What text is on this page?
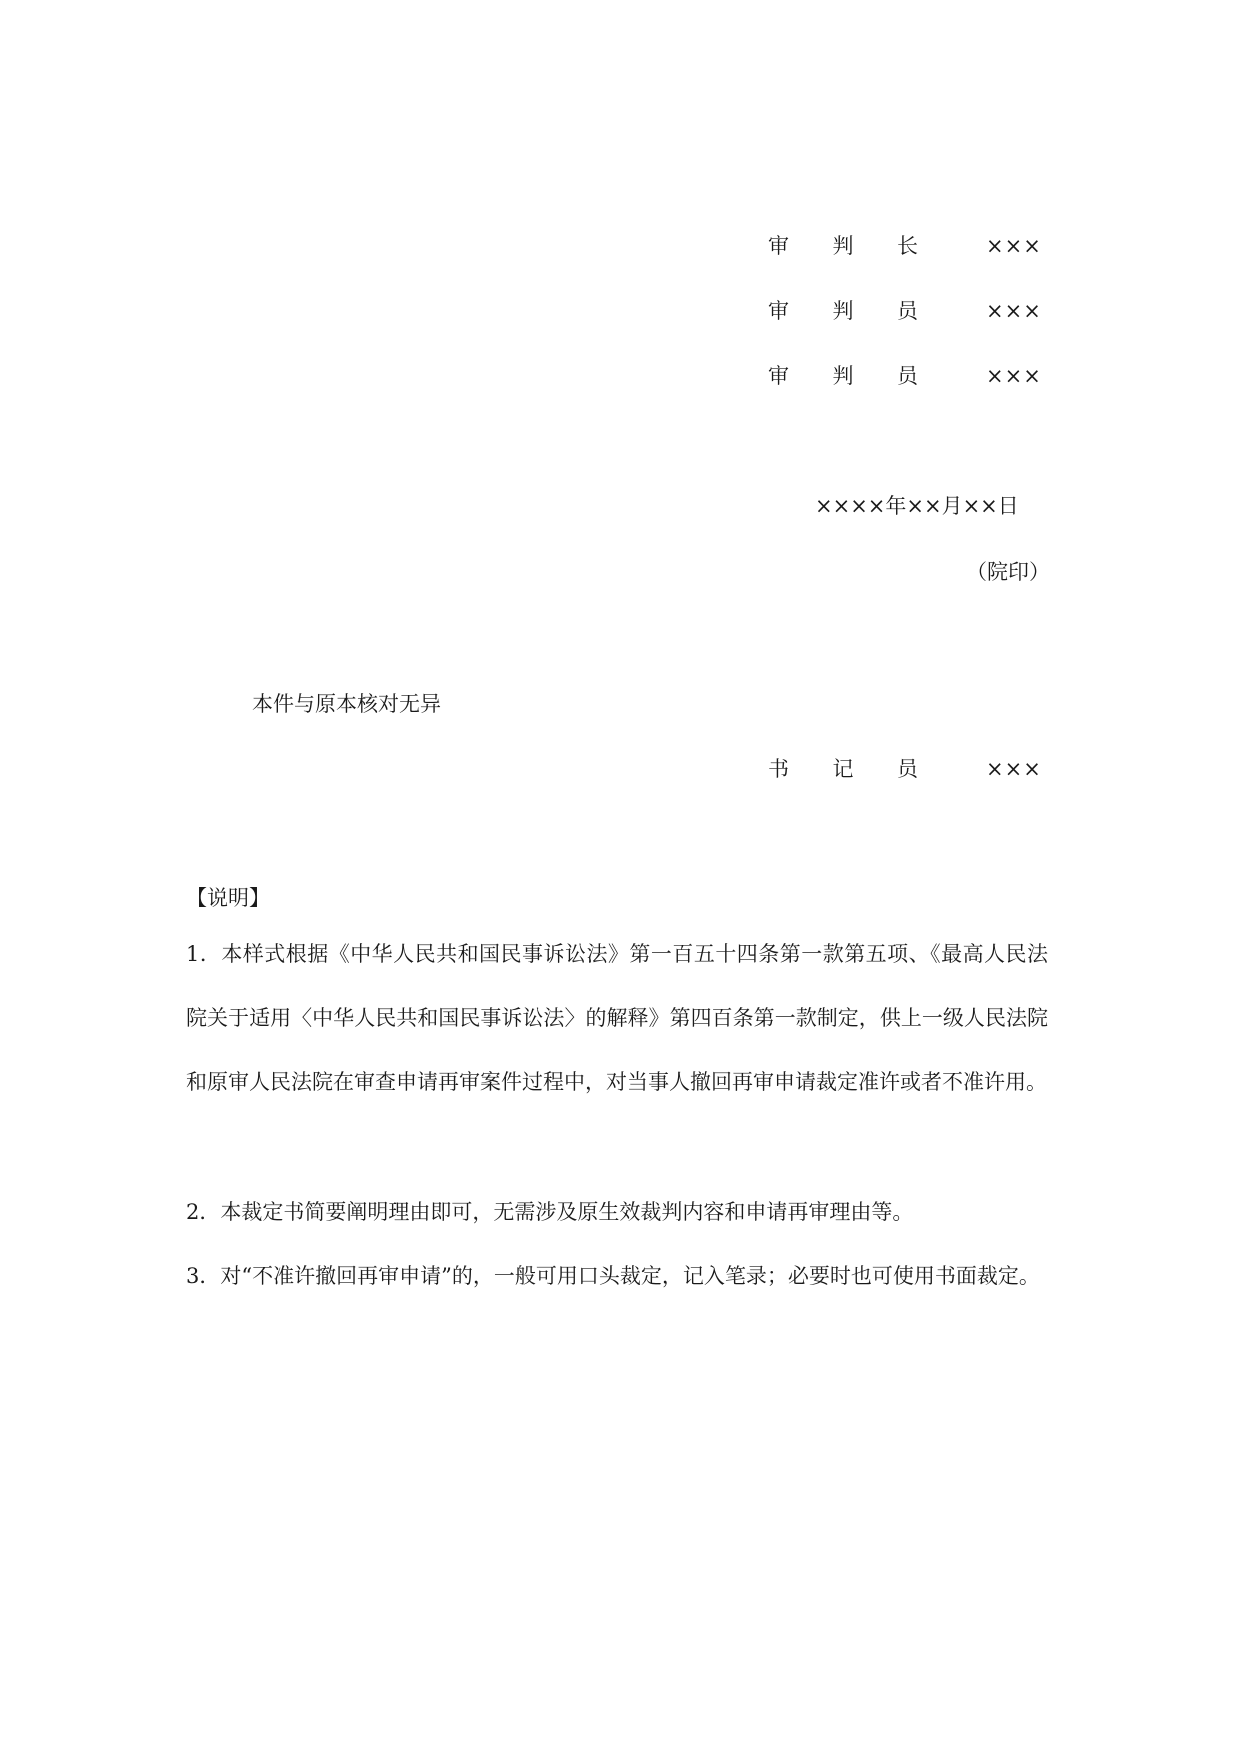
审 判 长	×××
审 判 员	×××
审 判 员	×××
××××年××月××日
（院印）
本件与原本核对无异
书 记 员	×××
【说明】

1．本样式根据《中华人民共和国民事诉讼法》第一百五十四条第一款第五项、《最高人民法院关于适用〈中华人民共和国民事诉讼法〉的解释》第四百条第一款制定，供上一级人民法院和原审人民法院在审查申请再审案件过程中，对当事人撤回再审申请裁定准许或者不准许用。

2．本裁定书简要阐明理由即可，无需涉及原生效裁判内容和申请再审理由等。

3．对“不准许撤回再审申请”的，一般可用口头裁定，记入笔录；必要时也可使用书面裁定。
